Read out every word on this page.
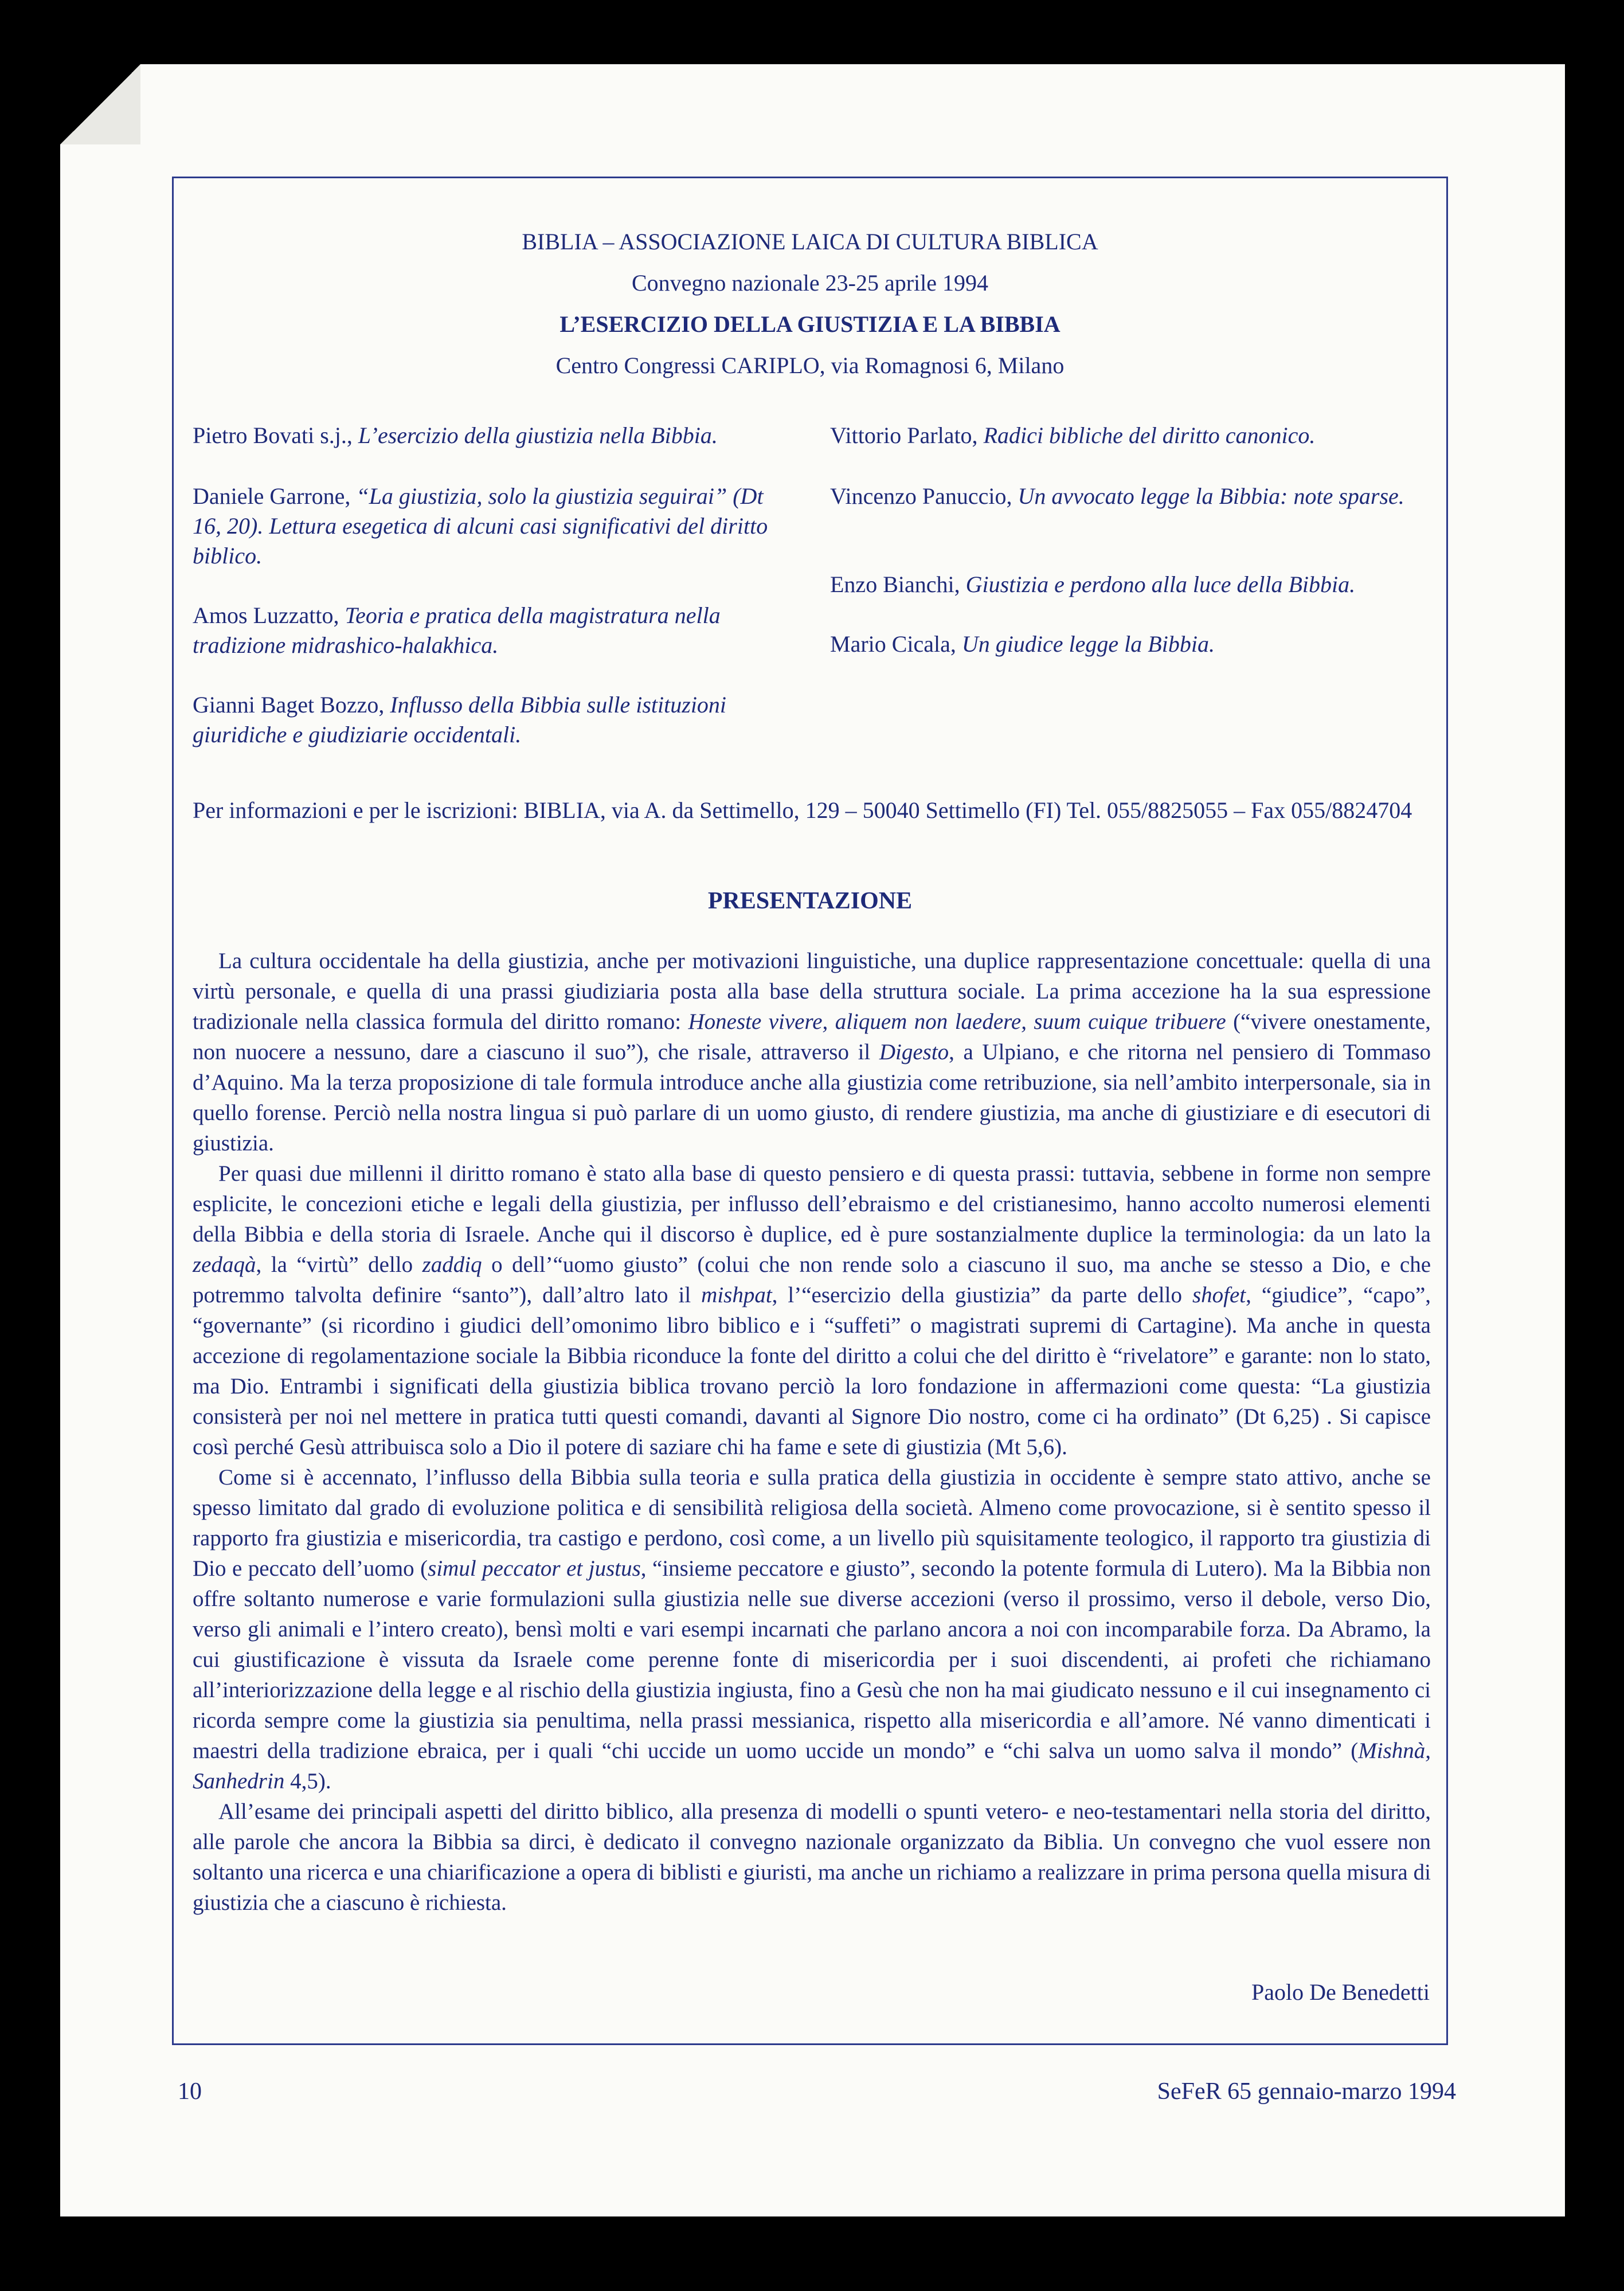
BIBLIA – ASSOCIAZIONE LAICA DI CULTURA BIBLICA
Convegno nazionale 23-25 aprile 1994
L’ESERCIZIO DELLA GIUSTIZIA E LA BIBBIA
Centro Congressi CARIPLO, via Romagnosi 6, Milano
Pietro Bovati s.j., L’esercizio della giustizia nella Bibbia.
Daniele Garrone, “La giustizia, solo la giustizia seguirai” (Dt 16, 20). Lettura esegetica di alcuni casi significativi del diritto biblico.
Amos Luzzatto, Teoria e pratica della magistratura nella tradizione midrashico-halakhica.
Gianni Baget Bozzo, Influsso della Bibbia sulle istituzioni giuridiche e giudiziarie occidentali.
Vittorio Parlato, Radici bibliche del diritto canonico.
Vincenzo Panuccio, Un avvocato legge la Bibbia: note sparse.
Enzo Bianchi, Giustizia e perdono alla luce della Bibbia.
Mario Cicala, Un giudice legge la Bibbia.
Per informazioni e per le iscrizioni: BIBLIA, via A. da Settimello, 129 – 50040 Settimello (FI) Tel. 055/8825055 – Fax 055/8824704
PRESENTAZIONE

La cultura occidentale ha della giustizia, anche per motivazioni linguistiche, una duplice rappresentazione concettuale: quella di una virtù personale, e quella di una prassi giudiziaria posta alla base della struttura sociale. La prima accezione ha la sua espressione tradizionale nella classica formula del diritto romano: Honeste vivere, aliquem non laedere, suum cuique tribuere (“vivere onestamente, non nuocere a nessuno, dare a ciascuno il suo”), che risale, attraverso il Digesto, a Ulpiano, e che ritorna nel pensiero di Tommaso d’Aquino. Ma la terza proposizione di tale formula introduce anche alla giustizia come retribuzione, sia nell’ambito interpersonale, sia in quello forense. Perciò nella nostra lingua si può parlare di un uomo giusto, di rendere giustizia, ma anche di giustiziare e di esecutori di giustizia.

Per quasi due millenni il diritto romano è stato alla base di questo pensiero e di questa prassi: tuttavia, sebbene in forme non sempre esplicite, le concezioni etiche e legali della giustizia, per influsso dell’ebraismo e del cristianesimo, hanno accolto numerosi elementi della Bibbia e della storia di Israele. Anche qui il discorso è duplice, ed è pure sostanzialmente duplice la terminologia: da un lato la zedaqà, la “virtù” dello zaddiq o dell’“uomo giusto” (colui che non rende solo a ciascuno il suo, ma anche se stesso a Dio, e che potremmo talvolta definire “santo”), dall’altro lato il mishpat, l’“esercizio della giustizia” da parte dello shofet, “giudice”, “capo”, “governante” (si ricordino i giudici dell’omonimo libro biblico e i “suffeti” o magistrati supremi di Cartagine). Ma anche in questa accezione di regolamentazione sociale la Bibbia riconduce la fonte del diritto a colui che del diritto è “rivelatore” e garante: non lo stato, ma Dio. Entrambi i significati della giustizia biblica trovano perciò la loro fondazione in affermazioni come questa: “La giustizia consisterà per noi nel mettere in pratica tutti questi comandi, davanti al Signore Dio nostro, come ci ha ordinato” (Dt 6,25) . Si capisce così perché Gesù attribuisca solo a Dio il potere di saziare chi ha fame e sete di giustizia (Mt 5,6).

Come si è accennato, l’influsso della Bibbia sulla teoria e sulla pratica della giustizia in occidente è sempre stato attivo, anche se spesso limitato dal grado di evoluzione politica e di sensibilità religiosa della società. Almeno come provocazione, si è sentito spesso il rapporto fra giustizia e misericordia, tra castigo e perdono, così come, a un livello più squisitamente teologico, il rapporto tra giustizia di Dio e peccato dell’uomo (simul peccator et justus, “insieme peccatore e giusto”, secondo la potente formula di Lutero). Ma la Bibbia non offre soltanto numerose e varie formulazioni sulla giustizia nelle sue diverse accezioni (verso il prossimo, verso il debole, verso Dio, verso gli animali e l’intero creato), bensì molti e vari esempi incarnati che parlano ancora a noi con incomparabile forza. Da Abramo, la cui giustificazione è vissuta da Israele come perenne fonte di misericordia per i suoi discendenti, ai profeti che richiamano all’interiorizzazione della legge e al rischio della giustizia ingiusta, fino a Gesù che non ha mai giudicato nessuno e il cui insegnamento ci ricorda sempre come la giustizia sia penultima, nella prassi messianica, rispetto alla misericordia e all’amore. Né vanno dimenticati i maestri della tradizione ebraica, per i quali “chi uccide un uomo uccide un mondo” e “chi salva un uomo salva il mondo” (Mishnà, Sanhedrin 4,5).

All’esame dei principali aspetti del diritto biblico, alla presenza di modelli o spunti vetero- e neo-testamentari nella storia del diritto, alle parole che ancora la Bibbia sa dirci, è dedicato il convegno nazionale organizzato da Biblia. Un convegno che vuol essere non soltanto una ricerca e una chiarificazione a opera di biblisti e giuristi, ma anche un richiamo a realizzare in prima persona quella misura di giustizia che a ciascuno è richiesta.

Paolo De Benedetti
10	SeFeR 65 gennaio-marzo 1994
